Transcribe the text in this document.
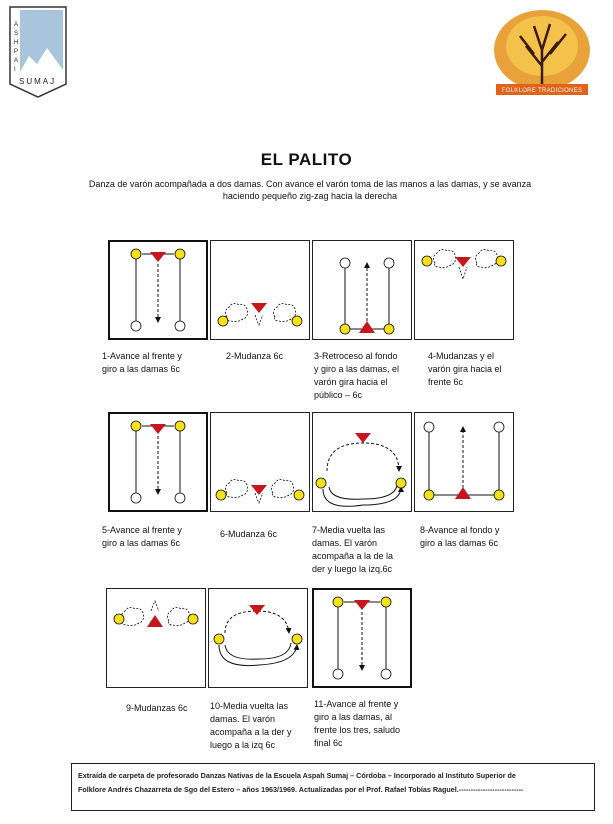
A
S
H
P
A
I
SUMAJ
FOLKLORE TRADICIONES
EL PALITO
Danza de varón acompañada a dos damas. Con avance el varón toma de las manos a las damas, y se avanza
haciendo pequeño zig-zag hacia la derecha
1-Avance al frente y
giro a las damas 6c
2-Mudanza 6c	3-Retroceso al fondo
y giro a las damas, el
varón gira hacia el
público – 6c
4-Mudanzas y el
varón gira hacia el
frente 6c
5-Avance al frente y
giro a las damas 6c
6-Mudanza 6c	7-Media vuelta las
damas. El varón
acompaña a la de la
der y luego la izq.6c
8-Avance al fondo y
giro a las damas 6c
9-Mudanzas 6c	10-Media vuelta las
damas. El varón
acompaña a la der y
luego a la izq 6c
11-Avance al frente y
giro a las damas, al
frente los tres, saludo
final 6c
Extraída de carpeta de profesorado Danzas Nativas de la Escuela Aspah Sumaj – Córdoba – Incorporado al Instituto Superior de
Folklore Andrés Chazarreta de Sgo del Estero – años 1963/1969. Actualizadas por el Prof. Rafael Tobías Raguel.---------------------------
